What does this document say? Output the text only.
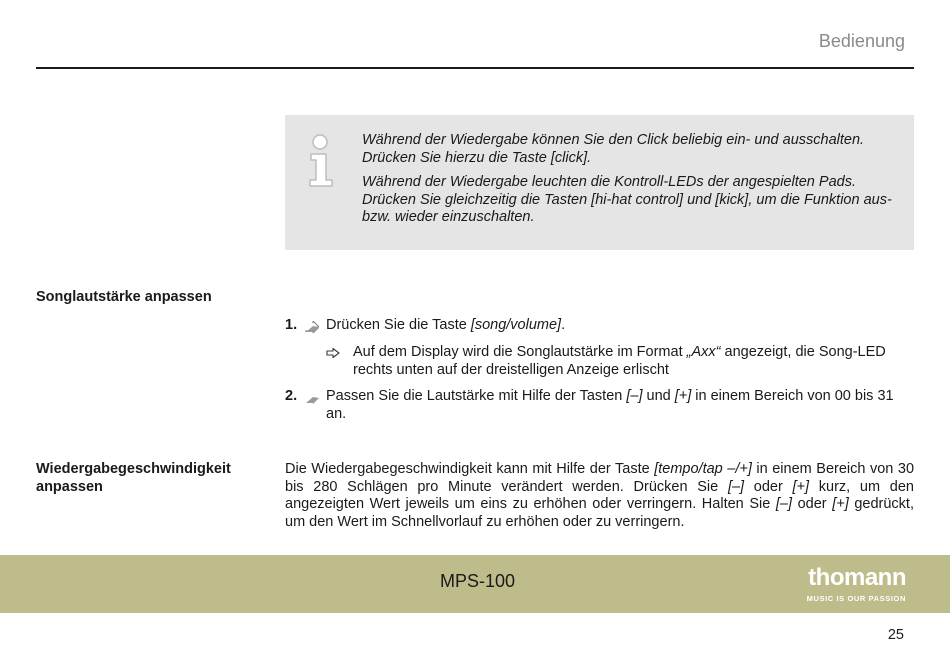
Bedienung

Während der Wiedergabe können Sie den Click beliebig ein- und ausschalten. Drücken Sie hierzu die Taste [click].

Während der Wiedergabe leuchten die Kontroll-LEDs der angespielten Pads. Drücken Sie gleichzeitig die Tasten [hi-hat control] und [kick], um die Funktion aus- bzw. wieder einzuschalten.

Songlautstärke anpassen
1. Drücken Sie die Taste [song/volume].
Auf dem Display wird die Songlautstärke im Format „Axx“ angezeigt, die Song-LED rechts unten auf der dreistelligen Anzeige erlischt
2. Passen Sie die Lautstärke mit Hilfe der Tasten [–] und [+] in einem Bereich von 00 bis 31 an.
Wiedergabegeschwindigkeit anpassen
Die Wiedergabegeschwindigkeit kann mit Hilfe der Taste [tempo/tap –/+] in einem Bereich von 30 bis 280 Schlägen pro Minute verändert werden. Drücken Sie [–] oder [+] kurz, um den angezeigten Wert jeweils um eins zu erhöhen oder verringern. Halten Sie [–] oder [+] gedrückt, um den Wert im Schnellvorlauf zu erhöhen oder zu verringern.
MPS-100	thomann
MUSIC IS OUR PASSION
25
